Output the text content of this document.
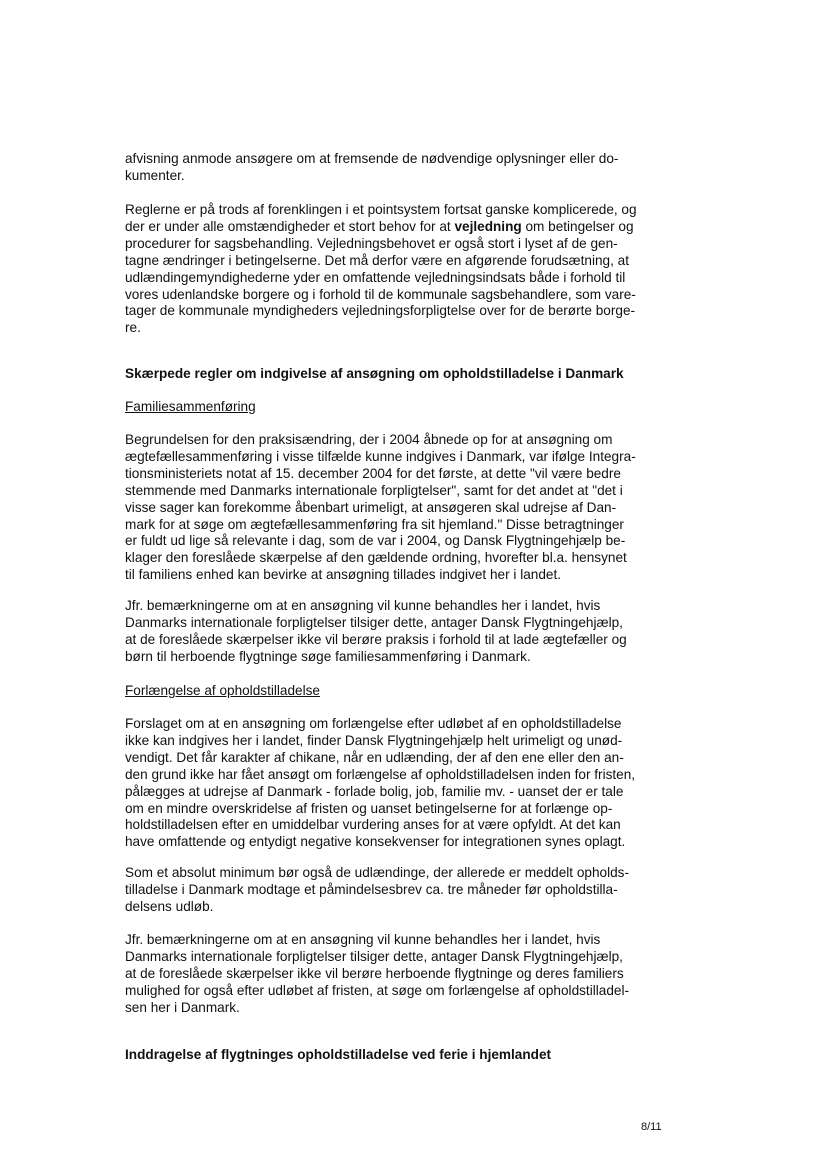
afvisning anmode ansøgere om at fremsende de nødvendige oplysninger eller do-
kumenter.

Reglerne er på trods af forenklingen i et pointsystem fortsat ganske komplicerede, og
der er under alle omstændigheder et stort behov for at vejledning om betingelser og
procedurer for sagsbehandling. Vejledningsbehovet er også stort i lyset af de gen-
tagne ændringer i betingelserne. Det må derfor være en afgørende forudsætning, at
udlændingemyndighederne yder en omfattende vejledningsindsats både i forhold til
vores udenlandske borgere og i forhold til de kommunale sagsbehandlere, som vare-
tager de kommunale myndigheders vejledningsforpligtelse over for de berørte borge-
re.

Skærpede regler om indgivelse af ansøgning om opholdstilladelse i Danmark
Familiesammenføring

Begrundelsen for den praksisændring, der i 2004 åbnede op for at ansøgning om
ægtefællesammenføring i visse tilfælde kunne indgives i Danmark, var ifølge Integra-
tionsministeriets notat af 15. december 2004 for det første, at dette "vil være bedre
stemmende med Danmarks internationale forpligtelser", samt for det andet at "det i
visse sager kan forekomme åbenbart urimeligt, at ansøgeren skal udrejse af Dan-
mark for at søge om ægtefællesammenføring fra sit hjemland." Disse betragtninger
er fuldt ud lige så relevante i dag, som de var i 2004, og Dansk Flygtningehjælp be-
klager den foreslåede skærpelse af den gældende ordning, hvorefter bl.a. hensynet
til familiens enhed kan bevirke at ansøgning tillades indgivet her i landet.

Jfr. bemærkningerne om at en ansøgning vil kunne behandles her i landet, hvis
Danmarks internationale forpligtelser tilsiger dette, antager Dansk Flygtningehjælp,
at de foreslåede skærpelser ikke vil berøre praksis i forhold til at lade ægtefæller og
børn til herboende flygtninge søge familiesammenføring i Danmark.

Forlængelse af opholdstilladelse

Forslaget om at en ansøgning om forlængelse efter udløbet af en opholdstilladelse
ikke kan indgives her i landet, finder Dansk Flygtningehjælp helt urimeligt og unød-
vendigt. Det får karakter af chikane, når en udlænding, der af den ene eller den an-
den grund ikke har fået ansøgt om forlængelse af opholdstilladelsen inden for fristen,
pålægges at udrejse af Danmark - forlade bolig, job, familie mv. - uanset der er tale
om en mindre overskridelse af fristen og uanset betingelserne for at forlænge op-
holdstilladelsen efter en umiddelbar vurdering anses for at være opfyldt. At det kan
have omfattende og entydigt negative konsekvenser for integrationen synes oplagt.

Som et absolut minimum bør også de udlændinge, der allerede er meddelt opholds-
tilladelse i Danmark modtage et påmindelsesbrev ca. tre måneder før opholdstilla-
delsens udløb.

Jfr. bemærkningerne om at en ansøgning vil kunne behandles her i landet, hvis
Danmarks internationale forpligtelser tilsiger dette, antager Dansk Flygtningehjælp,
at de foreslåede skærpelser ikke vil berøre herboende flygtninge og deres familiers
mulighed for også efter udløbet af fristen, at søge om forlængelse af opholdstilladel-
sen her i Danmark.

Inddragelse af flygtninges opholdstilladelse ved ferie i hjemlandet
8/11
